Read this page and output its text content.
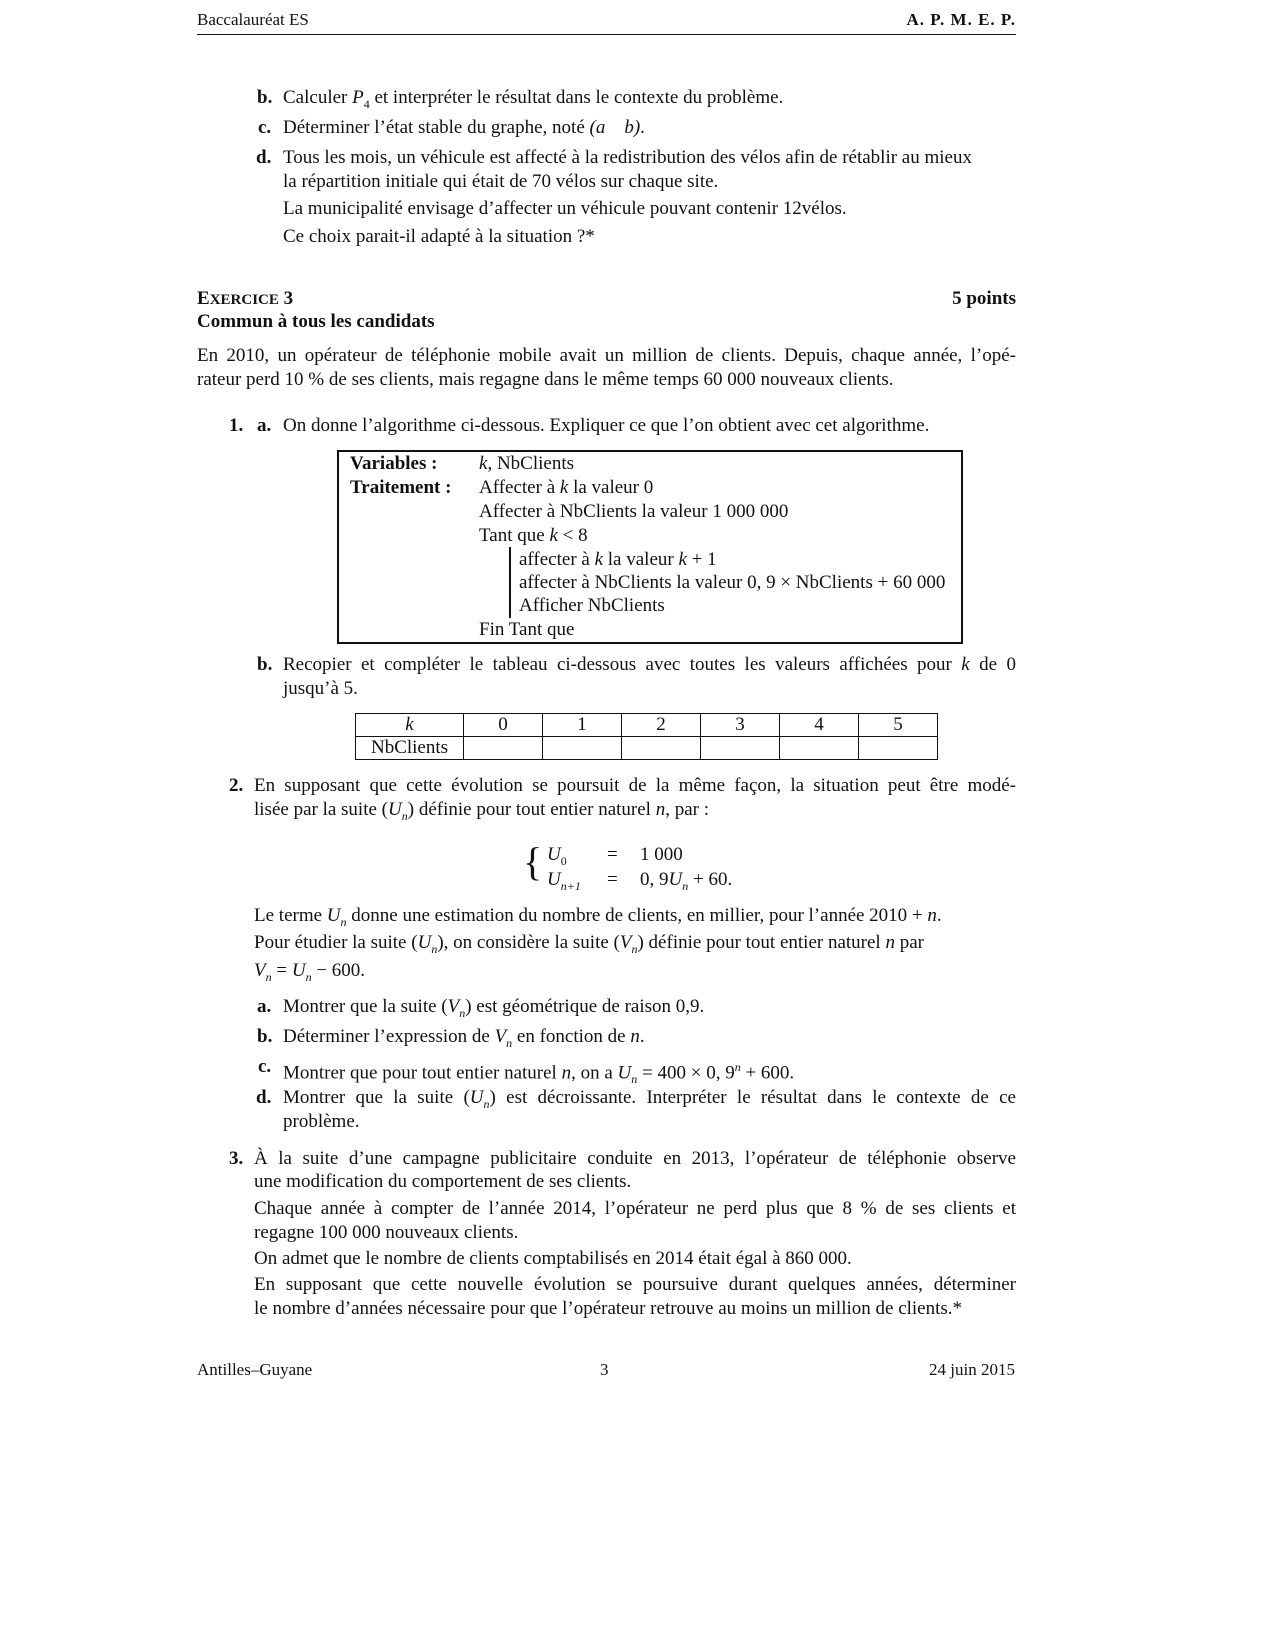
Baccalauréat ES	A. P. M. E. P.
b. Calculer $P_4$ et interpréter le résultat dans le contexte du problème.
c. Déterminer l’état stable du graphe, noté (a    b).
d. Tous les mois, un véhicule est affecté à la redistribution des vélos afin de rétablir au mieux
la répartition initiale qui était de 70 vélos sur chaque site.
La municipalité envisage d’affecter un véhicule pouvant contenir 12vélos.
Ce choix parait-il adapté à la situation ?*
EXERCICE 3	5 points
Commun à tous les candidats
En 2010, un opérateur de téléphonie mobile avait un million de clients. Depuis, chaque année, l’opé-
rateur perd 10 % de ses clients, mais regagne dans le même temps 60 000 nouveaux clients.
1. a. On donne l’algorithme ci-dessous. Expliquer ce que l’on obtient avec cet algorithme.
Variables : k, NbClients
Traitement : Affecter à k la valeur 0
Affecter à NbClients la valeur 1 000 000
Tant que k < 8
affecter à k la valeur k + 1
affecter à NbClients la valeur 0, 9 × NbClients + 60 000
Afficher NbClients
Fin Tant que
b. Recopier et compléter le tableau ci-dessous avec toutes les valeurs affichées pour k de 0
jusqu’à 5.
k	0	1	2	3	4	5
NbClients						
2. En supposant que cette évolution se poursuit de la même façon, la situation peut être modé-
lisée par la suite $(U_n)$ définie pour tout entier naturel n, par :
{ $U_0 = 1$ 000
$U_{n+1} = 0$, $9U_n + 60$.
Le terme $U_n$ donne une estimation du nombre de clients, en millier, pour l’année 2010 + n.
Pour étudier la suite $(U_n)$, on considère la suite $(V_n)$ définie pour tout entier naturel n par
$V_n = U_n - 600$.
a. Montrer que la suite $(V_n)$ est géométrique de raison 0,9.
b. Déterminer l’expression de $V_n$ en fonction de n.
c. Montrer que pour tout entier naturel n, on a $U_n = 400 \times 0$, $9^n + 600$.
d. Montrer que la suite $(U_n)$ est décroissante. Interpréter le résultat dans le contexte de ce
problème.
3. À la suite d’une campagne publicitaire conduite en 2013, l’opérateur de téléphonie observe
une modification du comportement de ses clients.
Chaque année à compter de l’année 2014, l’opérateur ne perd plus que 8 % de ses clients et
regagne 100 000 nouveaux clients.
On admet que le nombre de clients comptabilisés en 2014 était égal à 860 000.
En supposant que cette nouvelle évolution se poursuive durant quelques années, déterminer
le nombre d’années nécessaire pour que l’opérateur retrouve au moins un million de clients.*
Antilles–Guyane	3	24 juin 2015
